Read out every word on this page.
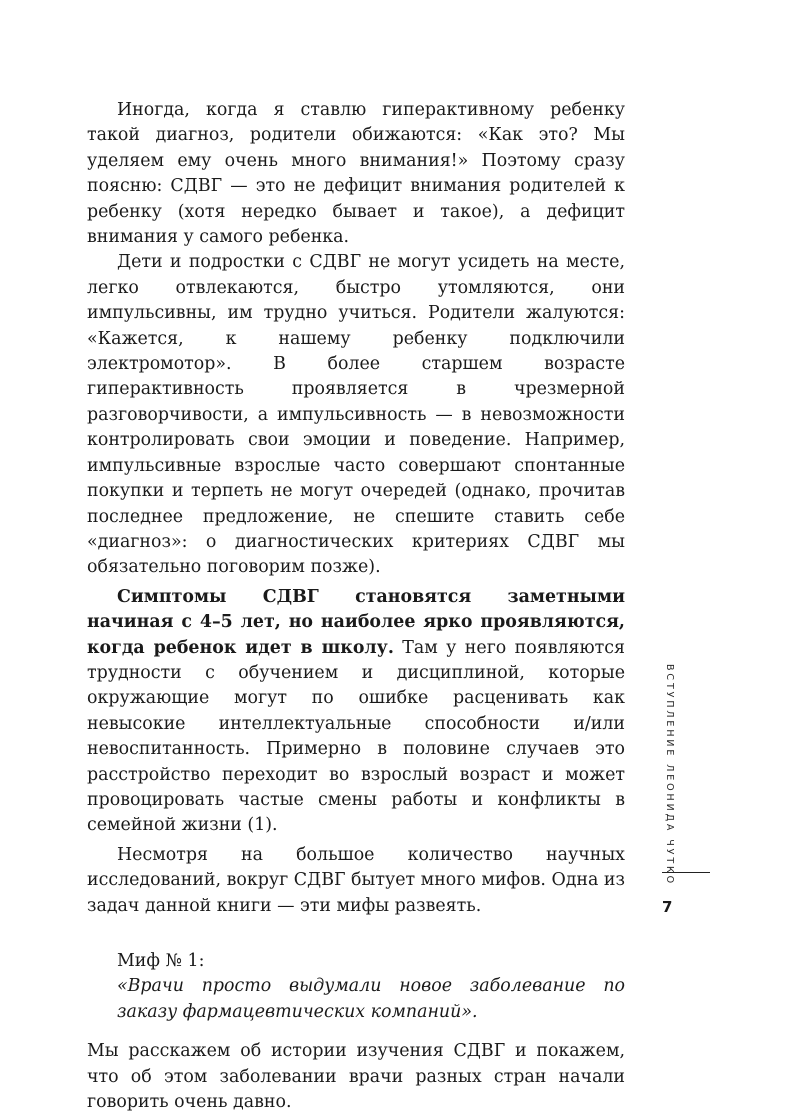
Иногда, когда я ставлю гиперактивному ребенку такой диагноз, родители обижаются: «Как это? Мы уделяем ему очень много внимания!» Поэтому сразу поясню: СДВГ — это не дефицит внимания родителей к ребенку (хотя нередко бывает и такое), а дефицит внимания у самого ребенка.

Дети и подростки с СДВГ не могут усидеть на месте, легко отвлекаются, быстро утомляются, они импульсивны, им трудно учиться. Родители жалуются: «Кажется, к нашему ребенку подключили электромотор». В более старшем возрасте гиперактивность проявляется в чрезмерной разговорчивости, а импульсивность — в невозможности контролировать свои эмоции и поведение. Например, импульсивные взрослые часто совершают спонтанные покупки и терпеть не могут очередей (однако, прочитав последнее предложение, не спешите ставить себе «диагноз»: о диагностических критериях СДВГ мы обязательно поговорим позже).

Симптомы СДВГ становятся заметными начиная с 4–5 лет, но наиболее ярко проявляются, когда ребенок идет в школу. Там у него появляются трудности с обучением и дисциплиной, которые окружающие могут по ошибке расценивать как невысокие интеллектуальные способности и/или невоспитанность. Примерно в половине случаев это расстройство переходит во взрослый возраст и может провоцировать частые смены работы и конфликты в семейной жизни (1).

Несмотря на большое количество научных исследований, вокруг СДВГ бытует много мифов. Одна из задач данной книги — эти мифы развеять.

Миф № 1:

«Врачи просто выдумали новое заболевание по заказу фармацевтических компаний».

Мы расскажем об истории изучения СДВГ и покажем, что об этом заболевании врачи разных стран начали говорить очень давно.

ВСТУПЛЕНИЕ ЛЕОНИДА ЧУТКО
7
